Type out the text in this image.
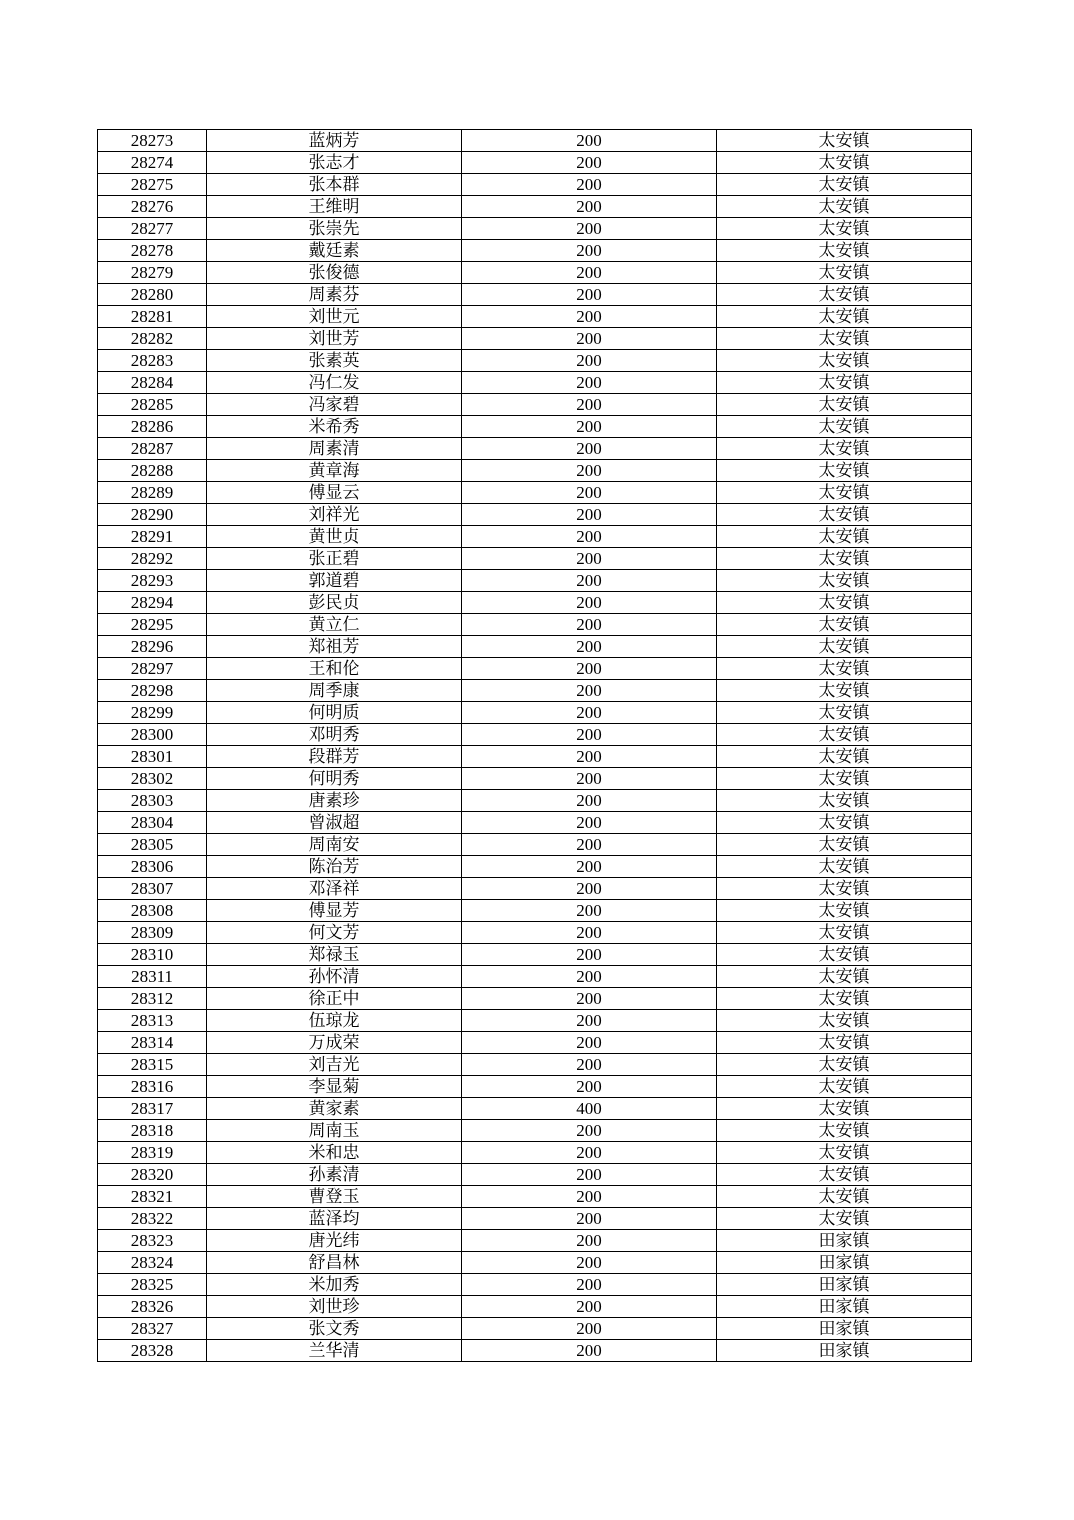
28273	蓝炳芳	200	太安镇
28274	张志才	200	太安镇
28275	张本群	200	太安镇
28276	王维明	200	太安镇
28277	张崇先	200	太安镇
28278	戴廷素	200	太安镇
28279	张俊德	200	太安镇
28280	周素芬	200	太安镇
28281	刘世元	200	太安镇
28282	刘世芳	200	太安镇
28283	张素英	200	太安镇
28284	冯仁发	200	太安镇
28285	冯家碧	200	太安镇
28286	米希秀	200	太安镇
28287	周素清	200	太安镇
28288	黄章海	200	太安镇
28289	傅显云	200	太安镇
28290	刘祥光	200	太安镇
28291	黄世贞	200	太安镇
28292	张正碧	200	太安镇
28293	郭道碧	200	太安镇
28294	彭民贞	200	太安镇
28295	黄立仁	200	太安镇
28296	郑祖芳	200	太安镇
28297	王和伦	200	太安镇
28298	周季康	200	太安镇
28299	何明质	200	太安镇
28300	邓明秀	200	太安镇
28301	段群芳	200	太安镇
28302	何明秀	200	太安镇
28303	唐素珍	200	太安镇
28304	曾淑超	200	太安镇
28305	周南安	200	太安镇
28306	陈治芳	200	太安镇
28307	邓泽祥	200	太安镇
28308	傅显芳	200	太安镇
28309	何文芳	200	太安镇
28310	郑禄玉	200	太安镇
28311	孙怀清	200	太安镇
28312	徐正中	200	太安镇
28313	伍琼龙	200	太安镇
28314	万成荣	200	太安镇
28315	刘吉光	200	太安镇
28316	李显菊	200	太安镇
28317	黄家素	400	太安镇
28318	周南玉	200	太安镇
28319	米和忠	200	太安镇
28320	孙素清	200	太安镇
28321	曹登玉	200	太安镇
28322	蓝泽均	200	太安镇
28323	唐光纬	200	田家镇
28324	舒昌林	200	田家镇
28325	米加秀	200	田家镇
28326	刘世珍	200	田家镇
28327	张文秀	200	田家镇
28328	兰华清	200	田家镇
